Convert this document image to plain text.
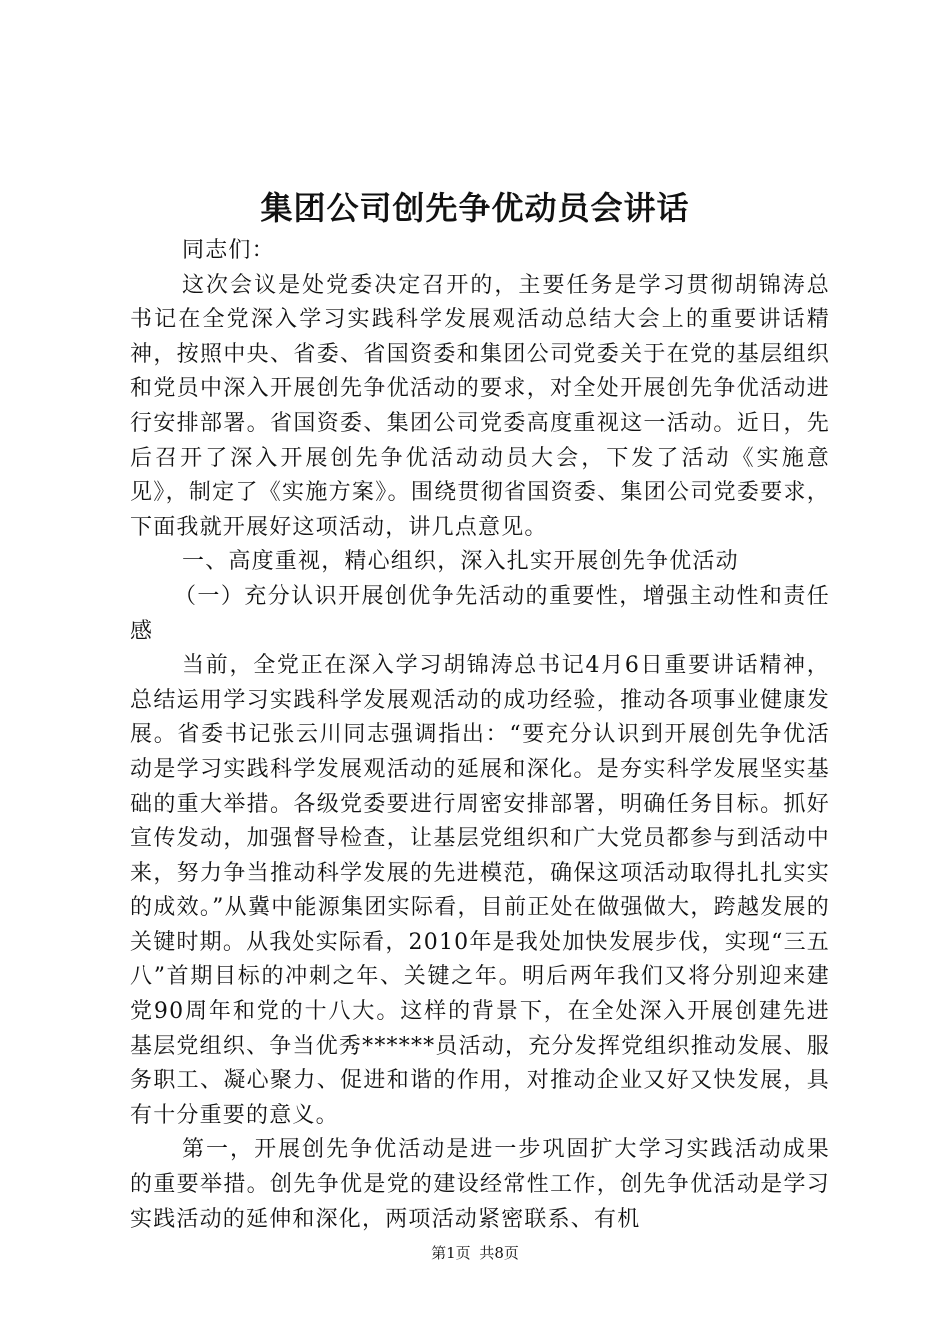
集团公司创先争优动员会讲话

同志们：

这次会议是处党委决定召开的，主要任务是学习贯彻胡锦涛总书记在全党深入学习实践科学发展观活动总结大会上的重要讲话精神，按照中央、省委、省国资委和集团公司党委关于在党的基层组织和党员中深入开展创先争优活动的要求，对全处开展创先争优活动进行安排部署。省国资委、集团公司党委高度重视这一活动。近日，先后召开了深入开展创先争优活动动员大会，下发了活动《实施意见》，制定了《实施方案》。围绕贯彻省国资委、集团公司党委要求，下面我就开展好这项活动，讲几点意见。

一、高度重视，精心组织，深入扎实开展创先争优活动

（一）充分认识开展创优争先活动的重要性，增强主动性和责任感

当前，全党正在深入学习胡锦涛总书记4月6日重要讲话精神，总结运用学习实践科学发展观活动的成功经验，推动各项事业健康发展。省委书记张云川同志强调指出：“要充分认识到开展创先争优活动是学习实践科学发展观活动的延展和深化。是夯实科学发展坚实基础的重大举措。各级党委要进行周密安排部署，明确任务目标。抓好宣传发动，加强督导检查，让基层党组织和广大党员都参与到活动中来，努力争当推动科学发展的先进模范，确保这项活动取得扎扎实实的成效。”从冀中能源集团实际看，目前正处在做强做大，跨越发展的关键时期。从我处实际看，2010年是我处加快发展步伐，实现“三五八”首期目标的冲刺之年、关键之年。明后两年我们又将分别迎来建党90周年和党的十八大。这样的背景下，在全处深入开展创建先进基层党组织、争当优秀******员活动，充分发挥党组织推动发展、服务职工、凝心聚力、促进和谐的作用，对推动企业又好又快发展，具有十分重要的意义。

第一，开展创先争优活动是进一步巩固扩大学习实践活动成果的重要举措。创先争优是党的建设经常性工作，创先争优活动是学习实践活动的延伸和深化，两项活动紧密联系、有机

第1页 共8页
